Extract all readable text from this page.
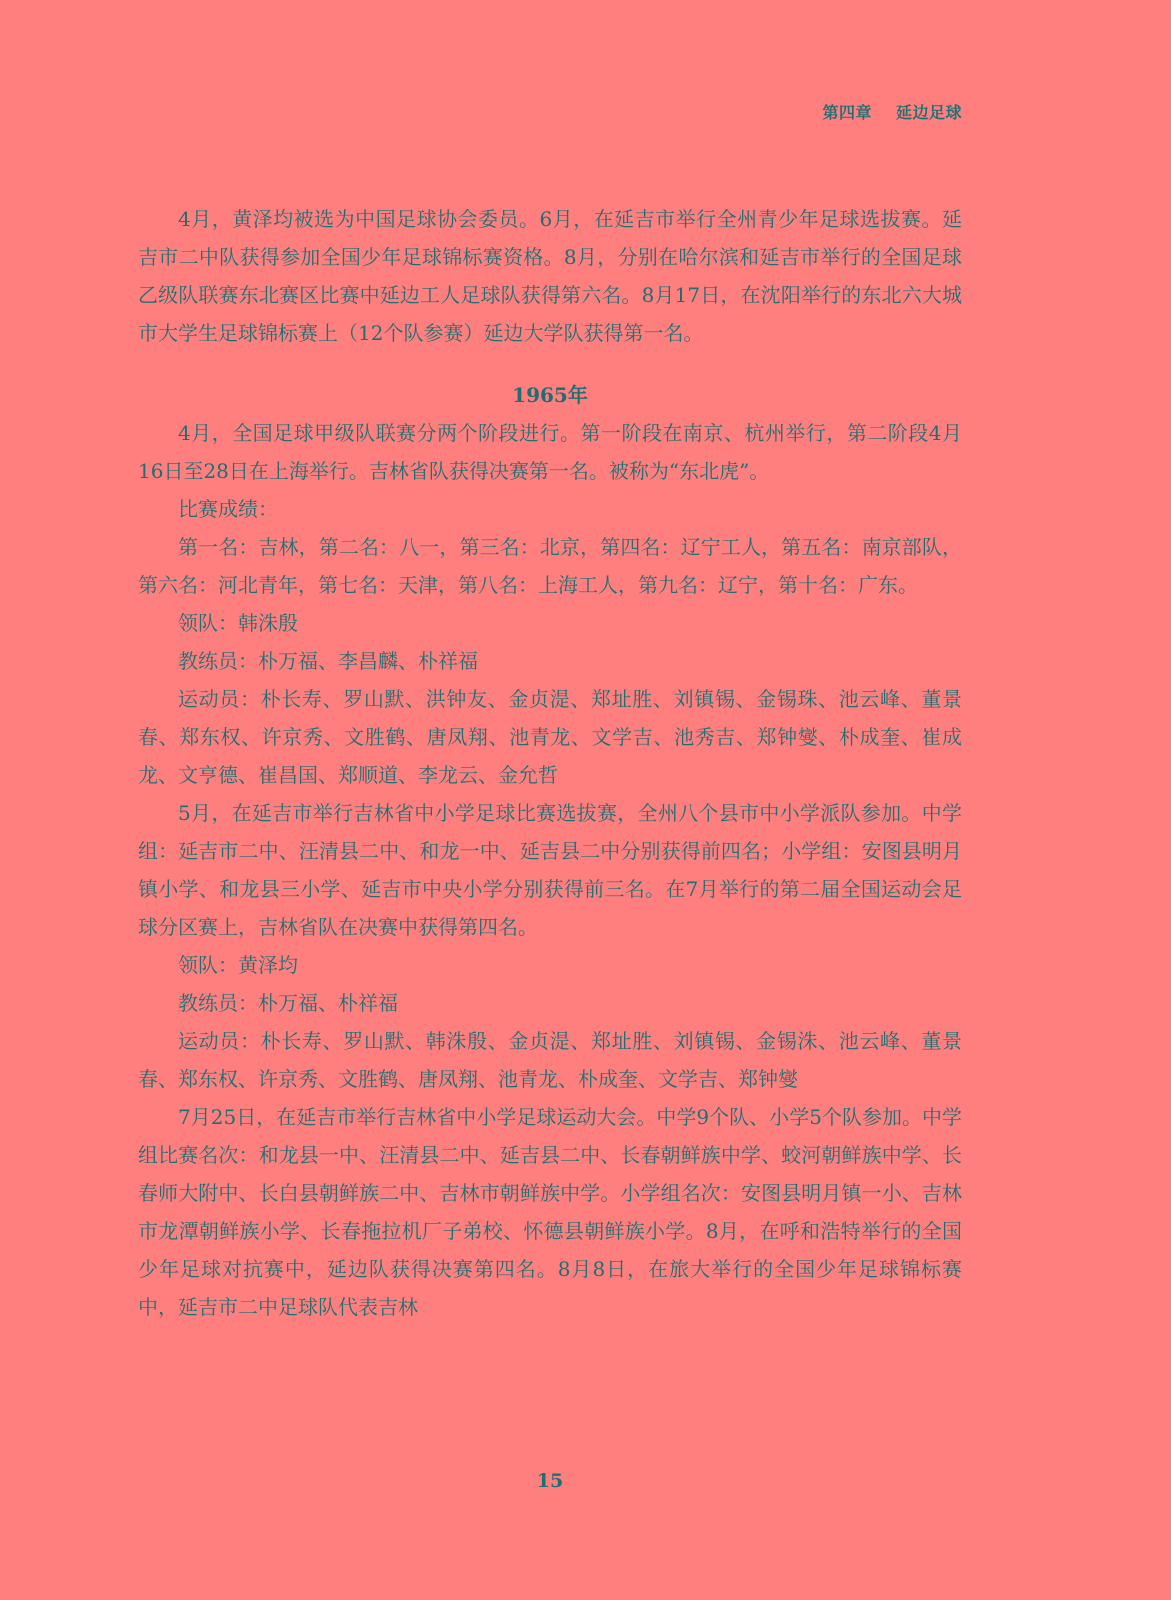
第四章 延边足球

4月，黄泽均被选为中国足球协会委员。6月，在延吉市举行全州青少年足球选拔赛。延吉市二中队获得参加全国少年足球锦标赛资格。8月，分别在哈尔滨和延吉市举行的全国足球乙级队联赛东北赛区比赛中延边工人足球队获得第六名。8月17日，在沈阳举行的东北六大城市大学生足球锦标赛上（12个队参赛）延边大学队获得第一名。

1965年

4月，全国足球甲级队联赛分两个阶段进行。第一阶段在南京、杭州举行，第二阶段4月16日至28日在上海举行。吉林省队获得决赛第一名。被称为“东北虎”。

比赛成绩：

第一名：吉林，第二名：八一，第三名：北京，第四名：辽宁工人，第五名：南京部队，第六名：河北青年，第七名：天津，第八名：上海工人，第九名：辽宁，第十名：广东。

领队：韩洙殷

教练员：朴万福、李昌麟、朴祥福

运动员：朴长寿、罗山默、洪钟友、金贞湜、郑址胜、刘镇锡、金锡珠、池云峰、董景春、郑东权、许京秀、文胜鹤、唐凤翔、池青龙、文学吉、池秀吉、郑钟燮、朴成奎、崔成龙、文亨德、崔昌国、郑顺道、李龙云、金允哲

5月，在延吉市举行吉林省中小学足球比赛选拔赛，全州八个县市中小学派队参加。中学组：延吉市二中、汪清县二中、和龙一中、延吉县二中分别获得前四名；小学组：安图县明月镇小学、和龙县三小学、延吉市中央小学分别获得前三名。在7月举行的第二届全国运动会足球分区赛上，吉林省队在决赛中获得第四名。

领队：黄泽均

教练员：朴万福、朴祥福

运动员：朴长寿、罗山默、韩洙殷、金贞湜、郑址胜、刘镇锡、金锡洙、池云峰、董景春、郑东权、许京秀、文胜鹤、唐凤翔、池青龙、朴成奎、文学吉、郑钟燮

7月25日，在延吉市举行吉林省中小学足球运动大会。中学9个队、小学5个队参加。中学组比赛名次：和龙县一中、汪清县二中、延吉县二中、长春朝鲜族中学、蛟河朝鲜族中学、长春师大附中、长白县朝鲜族二中、吉林市朝鲜族中学。小学组名次：安图县明月镇一小、吉林市龙潭朝鲜族小学、长春拖拉机厂子弟校、怀德县朝鲜族小学。8月，在呼和浩特举行的全国少年足球对抗赛中，延边队获得决赛第四名。8月8日，在旅大举行的全国少年足球锦标赛中，延吉市二中足球队代表吉林

15
